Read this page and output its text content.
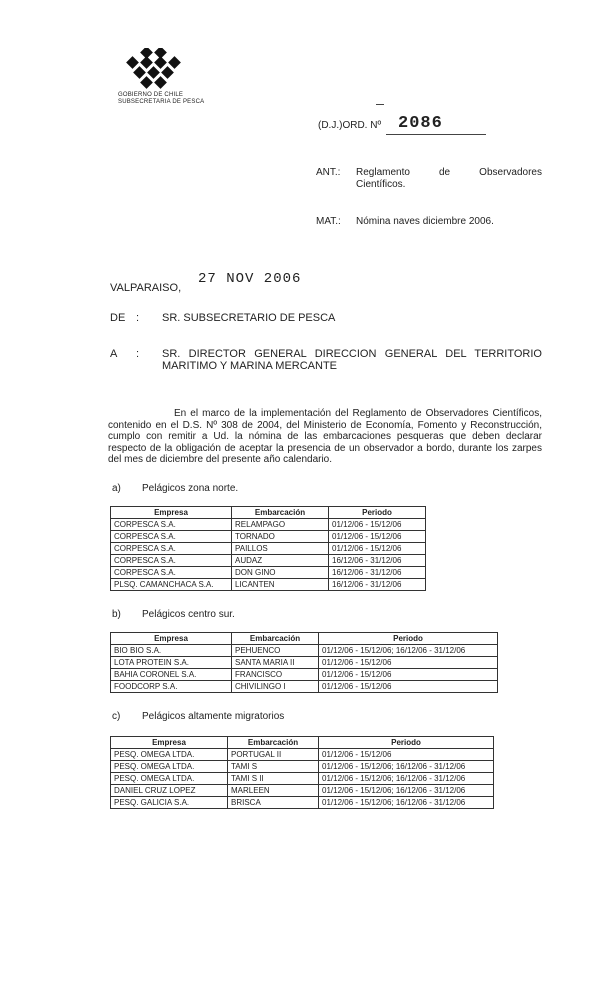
GOBIERNO DE CHILE
SUBSECRETARIA DE PESCA
(D.J.)ORD. Nº 2086
ANT.: Reglamento de Observadores
Científicos.
MAT.: Nómina naves diciembre 2006.
VALPARAISO,
27 NOV 2006
DE : SR. SUBSECRETARIO DE PESCA
A : SR. DIRECTOR GENERAL DIRECCION GENERAL DEL TERRITORIO
MARITIMO Y MARINA MERCANTE
En el marco de la implementación del Reglamento de Observadores Científicos, contenido en el D.S. Nº 308 de 2004, del Ministerio de Economía, Fomento y Reconstrucción, cumplo con remitir a Ud. la nómina de las embarcaciones pesqueras que deben declarar respecto de la obligación de aceptar la presencia de un observador a bordo, durante los zarpes del mes de diciembre del presente año calendario.
a) Pelágicos zona norte.
Empresa	Embarcación	Periodo
CORPESCA S.A.	RELAMPAGO	01/12/06 - 15/12/06
CORPESCA S.A.	TORNADO	01/12/06 - 15/12/06
CORPESCA S.A.	PAILLOS	01/12/06 - 15/12/06
CORPESCA S.A.	AUDAZ	16/12/06 - 31/12/06
CORPESCA S.A.	DON GINO	16/12/06 - 31/12/06
PLSQ. CAMANCHACA S.A.	LICANTEN	16/12/06 - 31/12/06
b) Pelágicos centro sur.
Empresa	Embarcación	Periodo
BIO BIO S.A.	PEHUENCO	01/12/06 - 15/12/06; 16/12/06 - 31/12/06
LOTA PROTEIN S.A.	SANTA MARIA II	01/12/06 - 15/12/06
BAHIA CORONEL S.A.	FRANCISCO	01/12/06 - 15/12/06
FOODCORP S.A.	CHIVILINGO I	01/12/06 - 15/12/06
c) Pelágicos altamente migratorios
Empresa	Embarcación	Periodo
PESQ. OMEGA LTDA.	PORTUGAL II	01/12/06 - 15/12/06
PESQ. OMEGA LTDA.	TAMI S	01/12/06 - 15/12/06; 16/12/06 - 31/12/06
PESQ. OMEGA LTDA.	TAMI S II	01/12/06 - 15/12/06; 16/12/06 - 31/12/06
DANIEL CRUZ LOPEZ	MARLEEN	01/12/06 - 15/12/06; 16/12/06 - 31/12/06
PESQ. GALICIA S.A.	BRISCA	01/12/06 - 15/12/06; 16/12/06 - 31/12/06
